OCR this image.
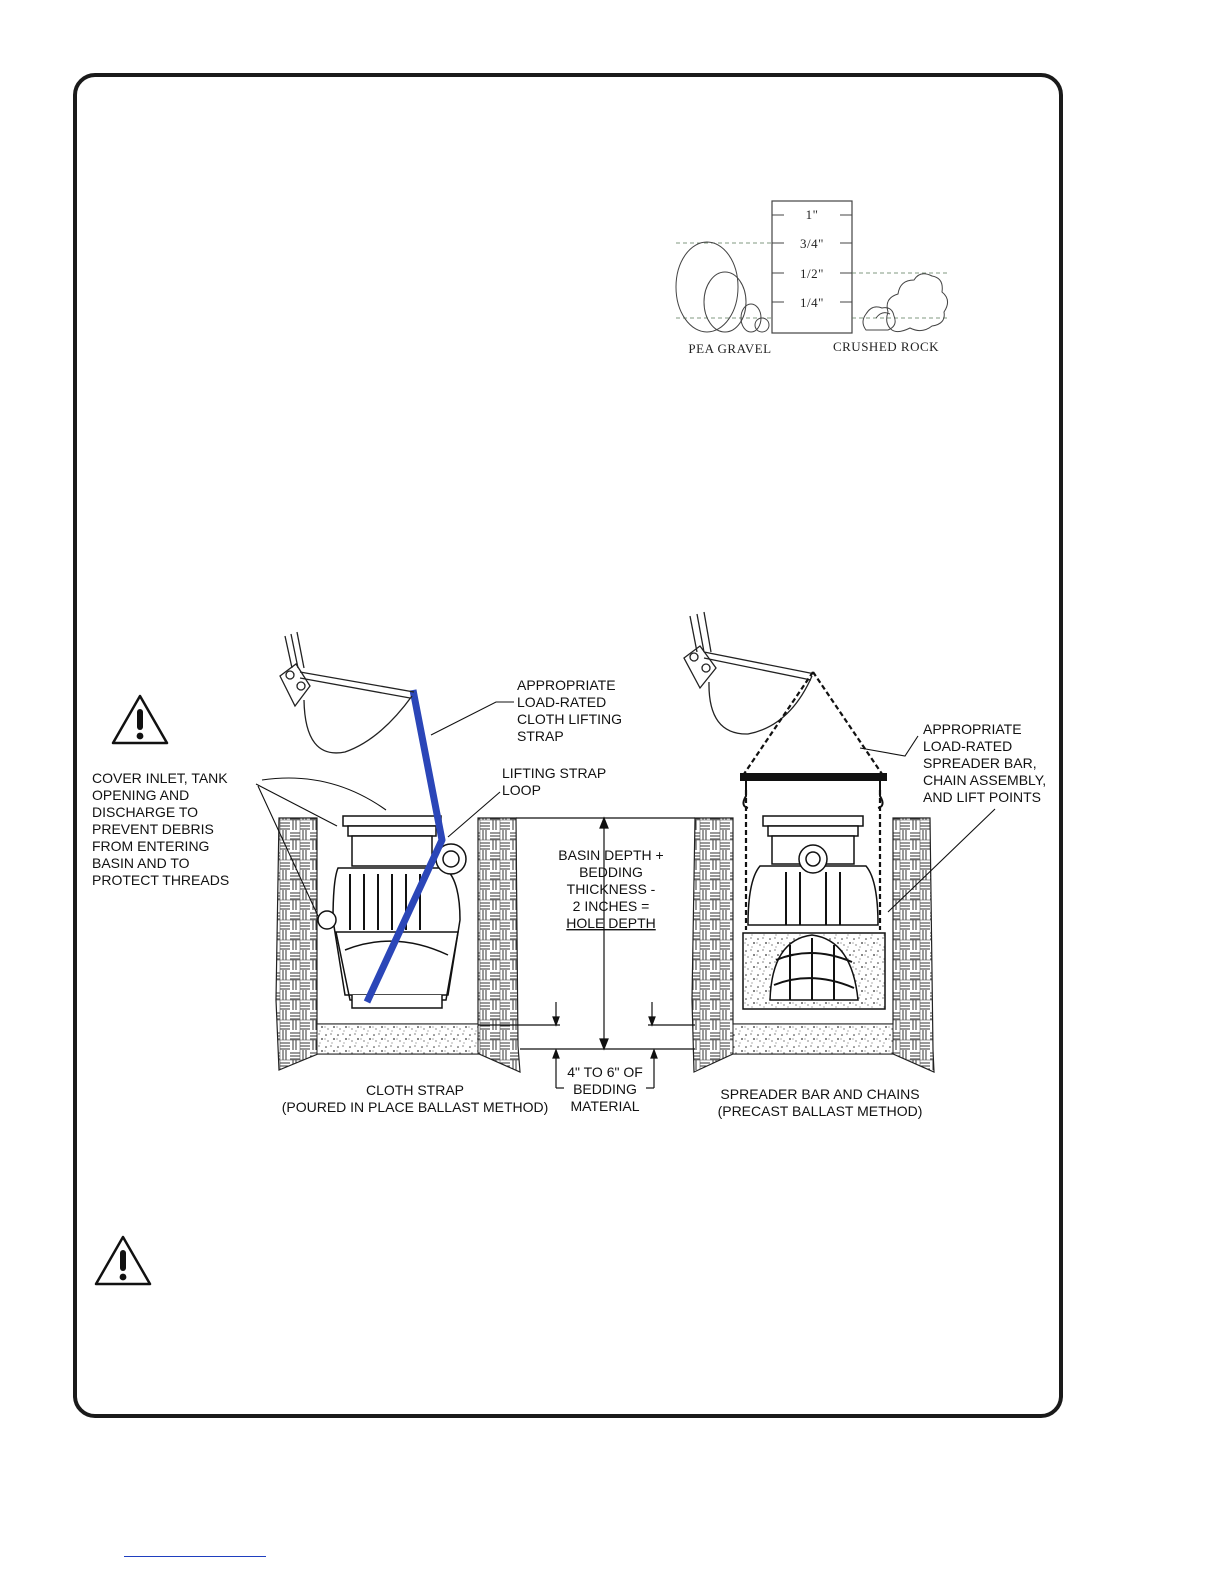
1"
3/4"
1/2"
1/4"
PEA GRAVEL	CRUSHED ROCK
APPROPRIATE
LOAD-RATED
CLOTH LIFTING
STRAP
LIFTING STRAP
LOOP
COVER INLET, TANK
OPENING AND
DISCHARGE TO
PREVENT DEBRIS
FROM ENTERING
BASIN AND TO
PROTECT THREADS
BASIN DEPTH +
BEDDING
THICKNESS -
2 INCHES =
HOLE DEPTH
4" TO 6" OF
BEDDING
MATERIAL
APPROPRIATE
LOAD-RATED
SPREADER BAR,
CHAIN ASSEMBLY,
AND LIFT POINTS
CLOTH STRAP
(POURED IN PLACE BALLAST METHOD)
SPREADER BAR AND CHAINS
(PRECAST BALLAST METHOD)
